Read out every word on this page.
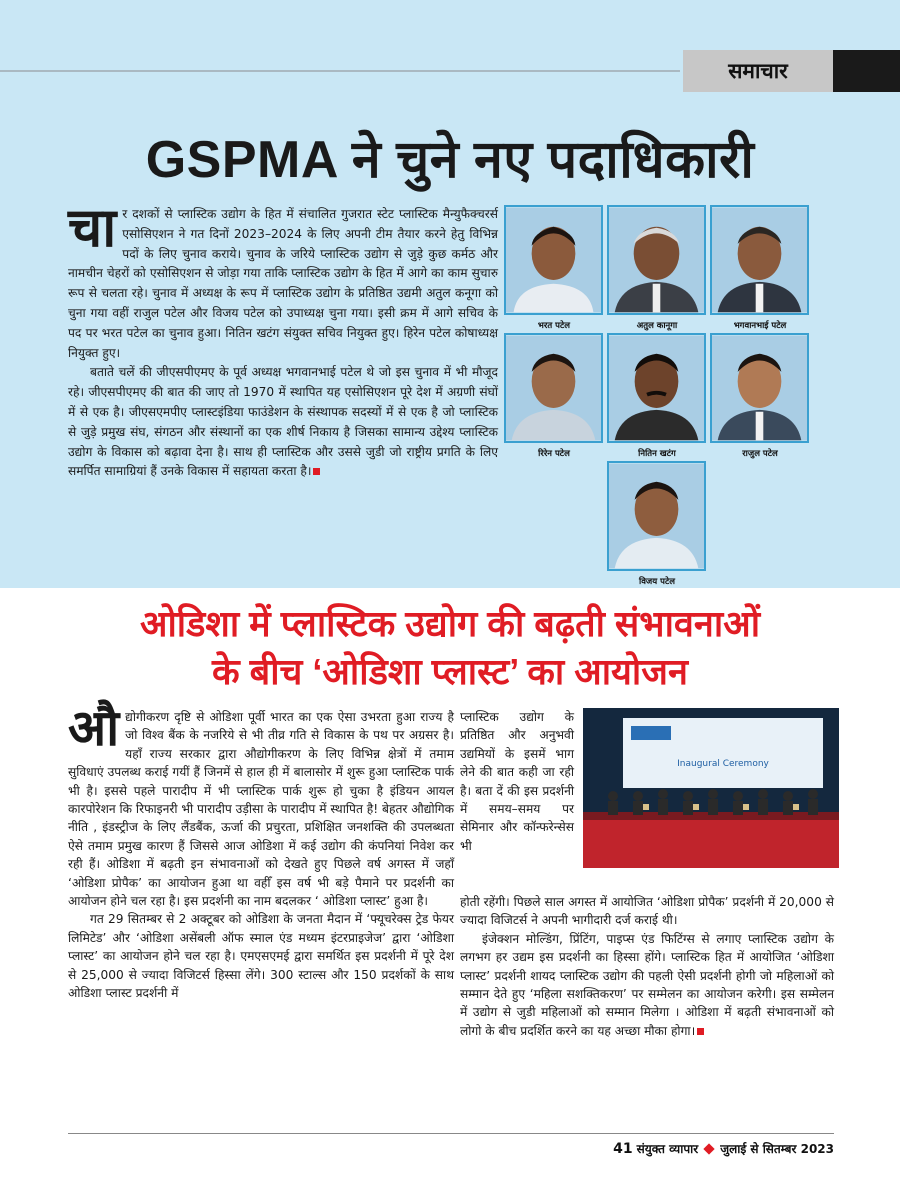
समाचार
GSPMA ने चुने नए पदाधिकारी

चार दशकों से प्लास्टिक उद्योग के हित में संचालित गुजरात स्टेट प्लास्टिक मैन्युफैक्चरर्स एसोसिएशन ने गत दिनों 2023–2024 के लिए अपनी टीम तैयार करने हेतु विभिन्न पदों के लिए चुनाव कराये। चुनाव के जरिये प्लास्टिक उद्योग से जुड़े कुछ कर्मठ और नामचीन चेहरों को एसोसिएशन से जोड़ा गया ताकि प्लास्टिक उद्योग के हित में आगे का काम सुचारु रूप से चलता रहे। चुनाव में अध्यक्ष के रूप में प्लास्टिक उद्योग के प्रतिष्ठित उद्यमी अतुल कनूगा को चुना गया वहीं राजुल पटेल और विजय पटेल को उपाध्यक्ष चुना गया। इसी क्रम में आगे सचिव के पद पर भरत पटेल का चुनाव हुआ। नितिन खटंग संयुक्त सचिव नियुक्त हुए। हिरेन पटेल कोषाध्यक्ष नियुक्त हुए।

बताते चलें की जीएसपीएमए के पूर्व अध्यक्ष भगवानभाई पटेल थे जो इस चुनाव में भी मौजूद रहे। जीएसपीएमए की बात की जाए तो 1970 में स्थापित यह एसोसिएशन पूरे देश में अग्रणी संघों में से एक है। जीएसएमपीए प्लास्टइंडिया फाउंडेशन के संस्थापक सदस्यों में से एक है जो प्लास्टिक से जुड़े प्रमुख संघ, संगठन और संस्थानों का एक शीर्ष निकाय है जिसका सामान्य उद्देश्य प्लास्टिक उद्योग के विकास को बढ़ावा देना है। साथ ही प्लास्टिक और उससे जुडी जो राष्ट्रीय प्रगति के लिए समर्पित सामाग्रियां हैं उनके विकास में सहायता करता है।

भरत पटेल	अतुल कानूगा	भगवानभाई पटेल
रिरेन पटेल	नितिन खटंग	राजुल पटेल
विजय पटेल
ओडिशा में प्लास्टिक उद्योग की बढ़ती संभावनाओं
के बीच ‘ओडिशा प्लास्ट’ का आयोजन

औद्योगीकरण दृष्टि से ओडिशा पूर्वी भारत का एक ऐसा उभरता हुआ राज्य है जो विश्व बैंक के नजरिये से भी तीव्र गति से विकास के पथ पर अग्रसर है। यहाँ राज्य सरकार द्वारा औद्योगीकरण के लिए विभिन्न क्षेत्रों में तमाम सुविधाएं उपलब्ध कराई गयीं हैं जिनमें से हाल ही में बालासोर में शुरू हुआ प्लास्टिक पार्क भी है। इससे पहले पारादीप में भी प्लास्टिक पार्क शुरू हो चुका है इंडियन आयल कारपोरेशन कि रिफाइनरी भी पारादीप उड़ीसा के पारादीप में स्थापित है! बेहतर औद्योगिक नीति , इंडस्ट्रीज के लिए लैंडबैंक, ऊर्जा की प्रचुरता, प्रशिक्षित जनशक्ति की उपलब्धता ऐसे तमाम प्रमुख कारण हैं जिससे आज ओडिशा में कई उद्योग की कंपनियां निवेश कर रही हैं। ओडिशा में बढ़ती इन संभावनाओं को देखते हुए पिछले वर्ष अगस्त में जहाँ ‘ओडिशा प्रोपैक’ का आयोजन हुआ था वहीँ इस वर्ष भी बड़े पैमाने पर प्रदर्शनी का आयोजन होने चल रहा है। इस प्रदर्शनी का नाम बदलकर ‘ ओडिशा प्लास्ट’ हुआ है।

गत 29 सितम्बर से 2 अक्टूबर को ओडिशा के जनता मैदान में ‘फ्यूचरेक्स ट्रेड फेयर लिमिटेड’ और ‘ओडिशा असेंबली ऑफ स्माल एंड मध्यम इंटरप्राइजेज’ द्वारा ‘ओडिशा प्लास्ट’ का आयोजन होने चल रहा है। एमएसएमई द्वारा समर्थित इस प्रदर्शनी में पूरे देश से 25,000 से ज्यादा विजिटर्स हिस्सा लेंगे। 300 स्टाल्स और 150 प्रदर्शकों के साथ ओडिशा प्लास्ट प्रदर्शनी में

प्लास्टिक उद्योग के प्रतिष्ठित और अनुभवी उद्यमियों के इसमें भाग लेने की बात कही जा रही है। बता दें की इस प्रदर्शनी में समय–समय पर सेमिनार और कॉन्फरेन्सेस भी
Inaugural Ceremony

होती रहेंगी। पिछले साल अगस्त में आयोजित ‘ओडिशा प्रोपैक’ प्रदर्शनी में 20,000 से ज्यादा विजिटर्स ने अपनी भागीदारी दर्ज कराई थी।

इंजेक्शन मोल्डिंग, प्रिंटिंग, पाइप्स एंड फिटिंग्स से लगाए प्लास्टिक उद्योग के लगभग हर उद्यम इस प्रदर्शनी का हिस्सा होंगे। प्लास्टिक हित में आयोजित ‘ओडिशा प्लास्ट’ प्रदर्शनी शायद प्लास्टिक उद्योग की पहली ऐसी प्रदर्शनी होगी जो महिलाओं को सम्मान देते हुए ‘महिला सशक्तिकरण’ पर सम्मेलन का आयोजन करेगी। इस सम्मेलन में उद्योग से जुडी महिलाओं को सम्मान मिलेगा । ओडिशा में बढ़ती संभावनाओं को लोगो के बीच प्रदर्शित करने का यह अच्छा मौका होगा।

41 संयुक्त व्यापार जुलाई से सितम्बर 2023
